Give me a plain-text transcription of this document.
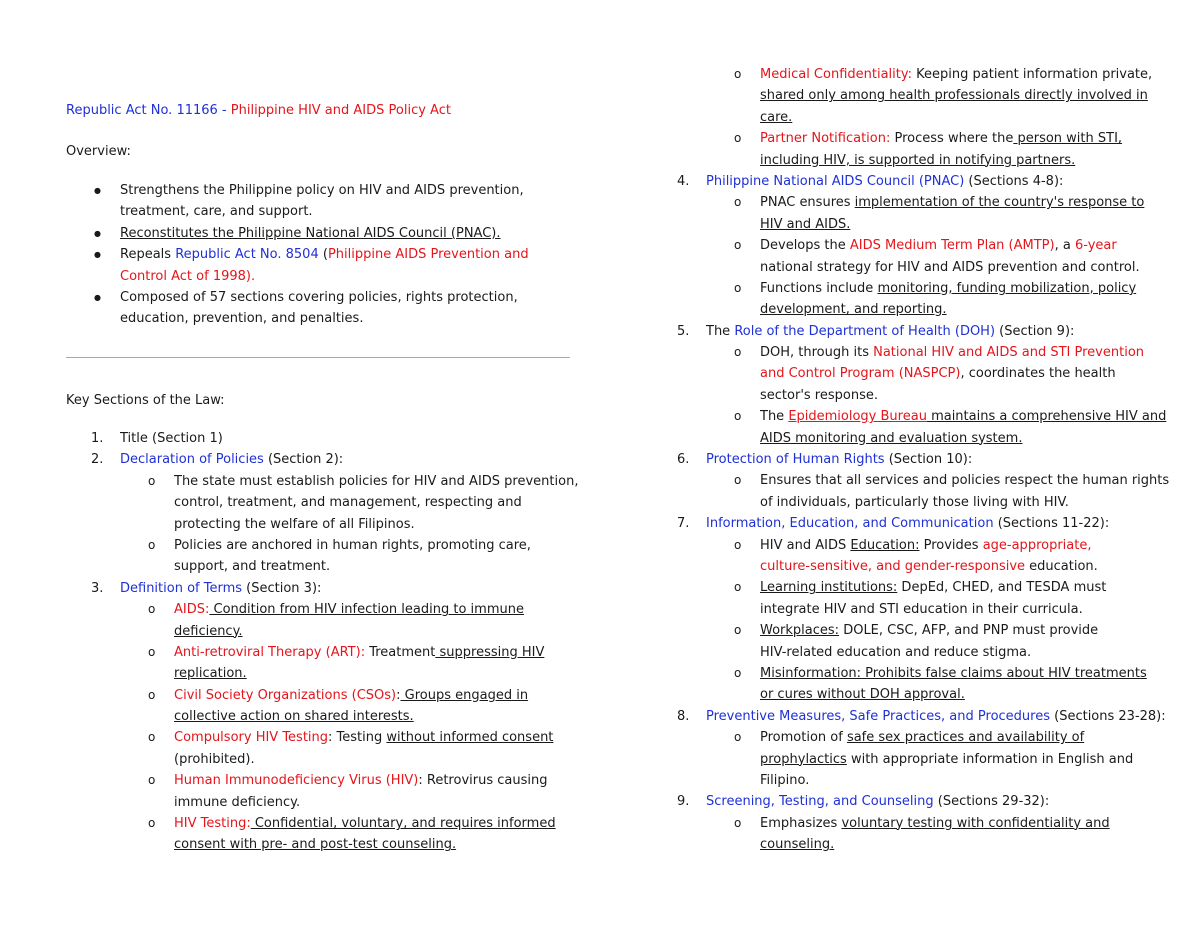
Republic Act No. 11166 - Philippine HIV and AIDS Policy Act
Overview:
● Strengthens the Philippine policy on HIV and AIDS prevention,
treatment, care, and support.
● Reconstitutes the Philippine National AIDS Council (PNAC).
● Repeals Republic Act No. 8504 (Philippine AIDS Prevention and
Control Act of 1998).
● Composed of 57 sections covering policies, rights protection,
education, prevention, and penalties.
Key Sections of the Law:
1. Title (Section 1)
2. Declaration of Policies (Section 2):
o The state must establish policies for HIV and AIDS prevention,
control, treatment, and management, respecting and
protecting the welfare of all Filipinos.
o Policies are anchored in human rights, promoting care,
support, and treatment.
3. Definition of Terms (Section 3):
o AIDS: Condition from HIV infection leading to immune
deficiency.
o Anti-retroviral Therapy (ART): Treatment suppressing HIV
replication.
o Civil Society Organizations (CSOs): Groups engaged in
collective action on shared interests.
o Compulsory HIV Testing: Testing without informed consent
(prohibited).
o Human Immunodeficiency Virus (HIV): Retrovirus causing
immune deficiency.
o HIV Testing: Confidential, voluntary, and requires informed
consent with pre- and post-test counseling.
o Medical Confidentiality: Keeping patient information private,
shared only among health professionals directly involved in
care.
o Partner Notification: Process where the person with STI,
including HIV, is supported in notifying partners.
4. Philippine National AIDS Council (PNAC) (Sections 4-8):
o PNAC ensures implementation of the country's response to
HIV and AIDS.
o Develops the AIDS Medium Term Plan (AMTP), a 6-year
national strategy for HIV and AIDS prevention and control.
o Functions include monitoring, funding mobilization, policy
development, and reporting.
5. The Role of the Department of Health (DOH) (Section 9):
o DOH, through its National HIV and AIDS and STI Prevention
and Control Program (NASPCP), coordinates the health
sector's response.
o The Epidemiology Bureau maintains a comprehensive HIV and
AIDS monitoring and evaluation system.
6. Protection of Human Rights (Section 10):
o Ensures that all services and policies respect the human rights
of individuals, particularly those living with HIV.
7. Information, Education, and Communication (Sections 11-22):
o HIV and AIDS Education: Provides age-appropriate,
culture-sensitive, and gender-responsive education.
o Learning institutions: DepEd, CHED, and TESDA must
integrate HIV and STI education in their curricula.
o Workplaces: DOLE, CSC, AFP, and PNP must provide
HIV-related education and reduce stigma.
o Misinformation: Prohibits false claims about HIV treatments
or cures without DOH approval.
8. Preventive Measures, Safe Practices, and Procedures (Sections 23-28):
o Promotion of safe sex practices and availability of
prophylactics with appropriate information in English and
Filipino.
9. Screening, Testing, and Counseling (Sections 29-32):
o Emphasizes voluntary testing with confidentiality and
counseling.
